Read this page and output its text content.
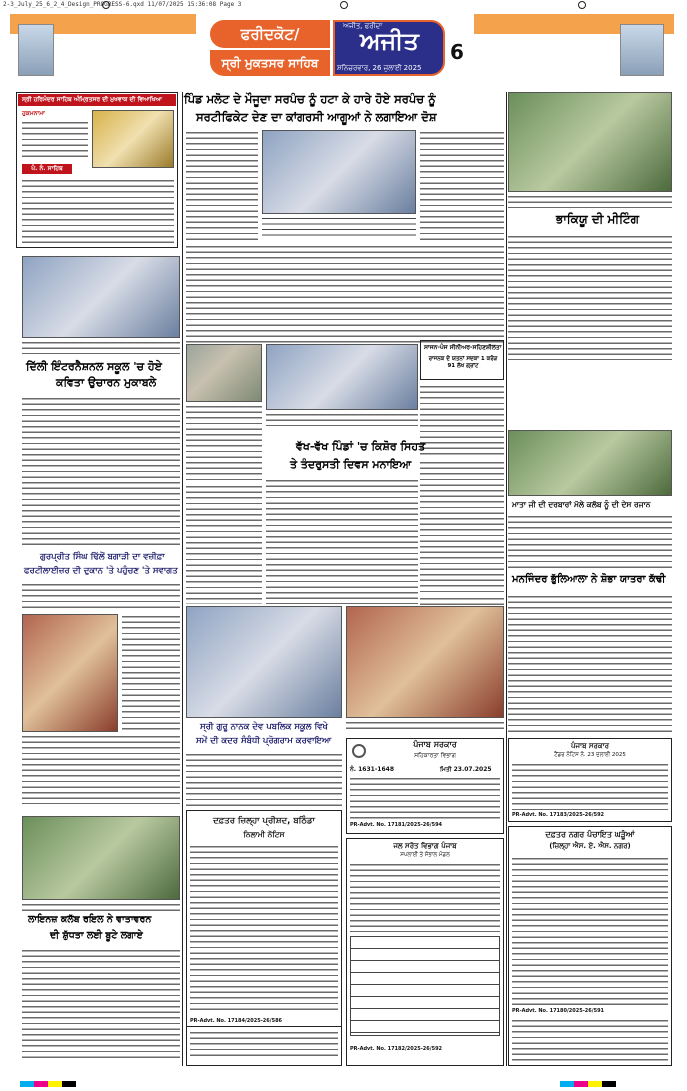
2-3_July_25_6_2_4_Design_PROGRESS-6.qxd 11/07/2025 15:36:08 Page 3
ਫਰੀਦਕੋਟ/
ਸ੍ਰੀ ਮੁਕਤਸਰ ਸਾਹਿਬ
ਅਜੀਤ, ਫਰੀਦਾ
ਅਜੀਤ
ਸ਼ਨਿਚਰਵਾਰ, 26 ਜੁਲਾਈ 2025
6
ਸ੍ਰੀ ਹਰਿਮੰਦਰ ਸਾਹਿਬ ਅੰਮ੍ਰਿਤਸਰ ਦੀ ਮੁਖਵਾਕ ਦੀ ਵਿਆਖਿਆ
ਹੁਕਮਨਾਮਾ
ਪੰ. ਨੰ. ਸਾਹਿਬ
ਪਿੰਡ ਮਲੋਟ ਦੇ ਮੌਜੂਦਾ ਸਰਪੰਚ ਨੂੰ ਹਟਾ ਕੇ ਹਾਰੇ ਹੋਏ ਸਰਪੰਚ ਨੂੰ
ਸਰਟੀਫਿਕੇਟ ਦੇਣ ਦਾ ਕਾਂਗਰਸੀ ਆਗੂਆਂ ਨੇ ਲਗਾਇਆ ਦੋਸ਼
ਭਾਕਿਯੂ ਦੀ ਮੀਟਿੰਗ
ਦਿੱਲੀ ਇੰਟਰਨੈਸ਼ਨਲ ਸਕੂਲ 'ਚ ਹੋਏ
ਕਵਿਤਾ ਉਚਾਰਨ ਮੁਕਾਬਲੇ
ਗੁਰਪ੍ਰੀਤ ਸਿੰਘ ਢਿੱਲੋਂ ਬਗਾੜੀ ਦਾ ਵਜ਼ੀਫ਼ਾ
ਫਰਟੀਲਾਈਜ਼ਰ ਦੀ ਦੁਕਾਨ 'ਤੇ ਪਹੁੰਚਣ 'ਤੇ ਸਵਾਗਤ
ਸਾਜਨ-ਪੰਜ ਸੀਨੀਅਰ-ਸਹਿਣਸ਼ੀਲਤਾ
ਰਾਜਨਕ ਦੇ ਯਤਨਾਂ ਸਦਕਾ 1 ਕਰੋੜ 91 ਲੱਖ ਗ੍ਰਾਂਟ
ਵੱਖ-ਵੱਖ ਪਿੰਡਾਂ 'ਚ ਕਿਸ਼ੋਰ ਸਿਹਤ
ਤੇ ਤੰਦਰੁਸਤੀ ਦਿਵਸ ਮਨਾਇਆ
ਮਾਤਾ ਜੀ ਦੀ ਦਰਬਾਰਾਂ ਮੱਲੇ ਕਲੱਬ ਨੂੰ ਦੀ ਦੇਸ ਰਜਾਨ
ਮਨਜਿੰਦਰ ਭੁੱਲਿਆਲਾ ਨੇ ਸ਼ੋਭਾ ਯਾਤਰਾ ਕੱਢੀ
ਸ੍ਰੀ ਗੁਰੂ ਨਾਨਕ ਦੇਵ ਪਬਲਿਕ ਸਕੂਲ ਵਿਖੇ
ਸਮੇਂ ਦੀ ਕਦਰ ਸੰਬੰਧੀ ਪ੍ਰੋਗਰਾਮ ਕਰਵਾਇਆ
ਲਾਇਨਜ਼ ਕਲੱਬ ਰਇਲ ਨੇ ਵਾਤਾਵਰਨ
ਦੀ ਸ਼ੁੱਧਤਾ ਲਈ ਬੂਟੇ ਲਗਾਏ
ਪੰਜਾਬ ਸਰਕਾਰ
ਸਹਿਕਾਰਤਾ ਵਿਭਾਗ
ਨੰ. 1631-1648	ਮਿਤੀ 23.07.2025
PR-Advt. No. 17181/2025-26/594
ਪੰਜਾਬ ਸਰਕਾਰ
ਟੈਂਡਰ ਨੋਟਿਸ ਨੰ. 23 ਜੁਲਾਈ 2025
PR-Advt. No. 17183/2025-26/592
ਦਫ਼ਤਰ ਜ਼ਿਲ੍ਹਾ ਪ੍ਰੀਸ਼ਦ, ਬਠਿੰਡਾ
ਨਿਲਾਮੀ ਨੋਟਿਸ
PR-Advt. No. 17184/2025-26/586
ਜਲ ਸਰੋਤ ਵਿਭਾਗ ਪੰਜਾਬ
ਸਪਲਾਈ ਤੇ ਸੰਭਾਲ ਮੰਡਲ
PR-Advt. No. 17182/2025-26/592
ਦਫ਼ਤਰ ਨਗਰ ਪੰਚਾਇਤ ਘੜੂੰਆਂ
(ਜ਼ਿਲ੍ਹਾ ਐਸ. ਏ. ਐਸ. ਨਗਰ)
PR-Advt. No. 17180/2025-26/591
